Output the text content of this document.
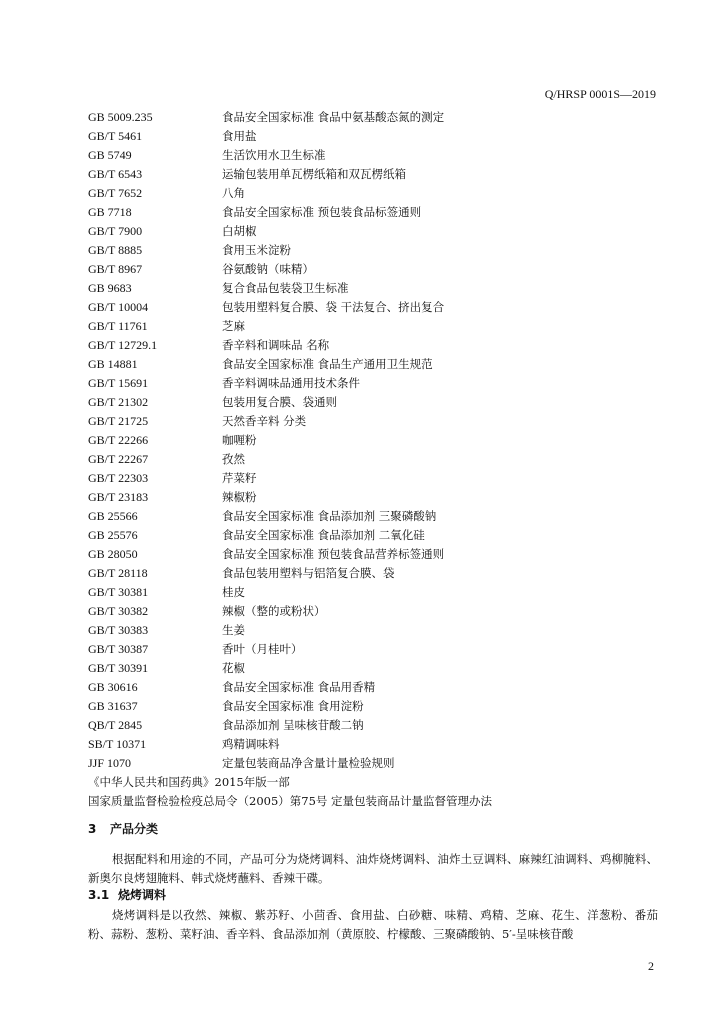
Q/HRSP 0001S—2019
GB 5009.235	食品安全国家标准 食品中氨基酸态氮的测定
GB/T 5461	食用盐
GB 5749	生活饮用水卫生标准
GB/T 6543	运输包装用单瓦楞纸箱和双瓦楞纸箱
GB/T 7652	八角
GB 7718	食品安全国家标准 预包装食品标签通则
GB/T 7900	白胡椒
GB/T 8885	食用玉米淀粉
GB/T 8967	谷氨酸钠（味精）
GB 9683	复合食品包装袋卫生标准
GB/T 10004	包装用塑料复合膜、袋 干法复合、挤出复合
GB/T 11761	芝麻
GB/T 12729.1	香辛料和调味品 名称
GB 14881	食品安全国家标准 食品生产通用卫生规范
GB/T 15691	香辛料调味品通用技术条件
GB/T 21302	包装用复合膜、袋通则
GB/T 21725	天然香辛料 分类
GB/T 22266	咖喱粉
GB/T 22267	孜然
GB/T 22303	芹菜籽
GB/T 23183	辣椒粉
GB 25566	食品安全国家标准 食品添加剂 三聚磷酸钠
GB 25576	食品安全国家标准 食品添加剂 二氧化硅
GB 28050	食品安全国家标准 预包装食品营养标签通则
GB/T 28118	食品包装用塑料与铝箔复合膜、袋
GB/T 30381	桂皮
GB/T 30382	辣椒（整的或粉状）
GB/T 30383	生姜
GB/T 30387	香叶（月桂叶）
GB/T 30391	花椒
GB 30616	食品安全国家标准 食品用香精
GB 31637	食品安全国家标准 食用淀粉
QB/T 2845	食品添加剂 呈味核苷酸二钠
SB/T 10371	鸡精调味料
JJF 1070	定量包装商品净含量计量检验规则
《中华人民共和国药典》2015年版一部
国家质量监督检验检疫总局令（2005）第75号 定量包装商品计量监督管理办法
3 产品分类
根据配料和用途的不同，产品可分为烧烤调料、油炸烧烤调料、油炸土豆调料、麻辣红油调料、鸡柳腌料、新奥尔良烤翅腌料、韩式烧烤蘸料、香辣干碟。
3.1 烧烤调料
烧烤调料是以孜然、辣椒、紫苏籽、小茴香、食用盐、白砂糖、味精、鸡精、芝麻、花生、洋葱粉、番茄粉、蒜粉、葱粉、菜籽油、香辛料、食品添加剂（黄原胶、柠檬酸、三聚磷酸钠、5′-呈味核苷酸
2
